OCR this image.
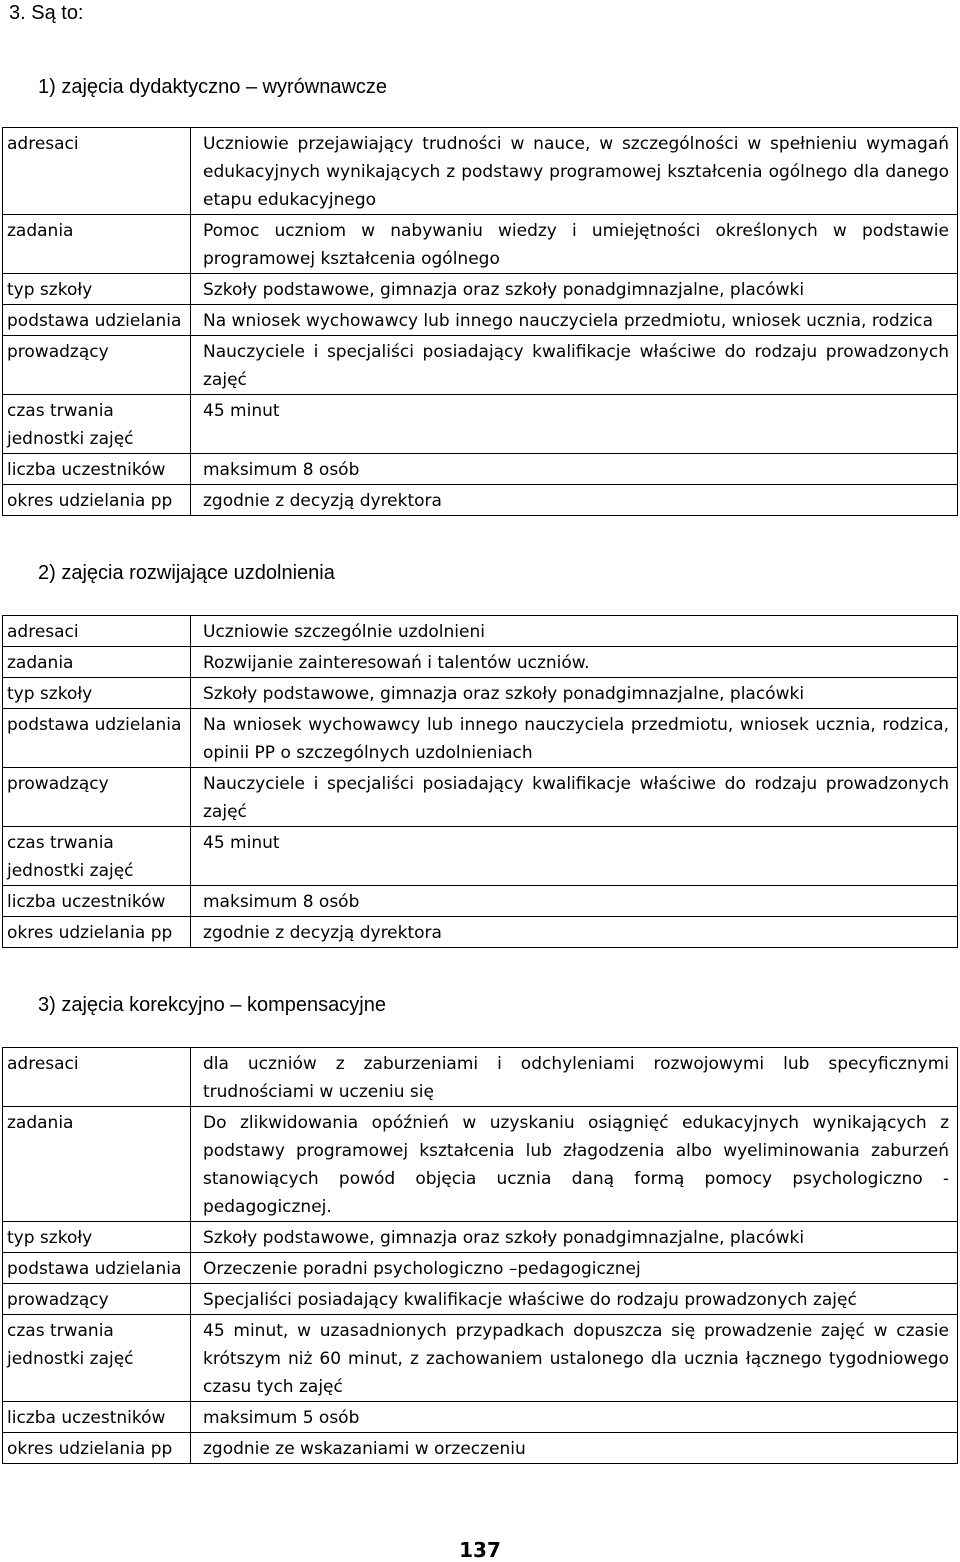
3. Są to:
1) zajęcia dydaktyczno – wyrównawcze
adresaci	Uczniowie przejawiający trudności w nauce, w szczególności w spełnieniu wymagań edukacyjnych wynikających z podstawy programowej kształcenia ogólnego dla danego etapu edukacyjnego
zadania	Pomoc uczniom w nabywaniu wiedzy i umiejętności określonych w podstawie programowej kształcenia ogólnego
typ szkoły	Szkoły podstawowe, gimnazja oraz szkoły ponadgimnazjalne, placówki
podstawa udzielania	Na wniosek wychowawcy lub innego nauczyciela przedmiotu, wniosek ucznia, rodzica
prowadzący	Nauczyciele i specjaliści posiadający kwalifikacje właściwe do rodzaju prowadzonych zajęć
czas trwania jednostki zajęć	45 minut
liczba uczestników	maksimum 8 osób
okres udzielania pp	zgodnie z decyzją dyrektora
2) zajęcia rozwijające uzdolnienia
adresaci	Uczniowie szczególnie uzdolnieni
zadania	Rozwijanie zainteresowań i talentów uczniów.
typ szkoły	Szkoły podstawowe, gimnazja oraz szkoły ponadgimnazjalne, placówki
podstawa udzielania	Na wniosek wychowawcy lub innego nauczyciela przedmiotu, wniosek ucznia, rodzica, opinii PP o szczególnych uzdolnieniach
prowadzący	Nauczyciele i specjaliści posiadający kwalifikacje właściwe do rodzaju prowadzonych zajęć
czas trwania jednostki zajęć	45 minut
liczba uczestników	maksimum 8 osób
okres udzielania pp	zgodnie z decyzją dyrektora
3) zajęcia korekcyjno – kompensacyjne
adresaci	dla uczniów z zaburzeniami i odchyleniami rozwojowymi lub specyficznymi trudnościami w uczeniu się
zadania	Do zlikwidowania opóźnień w uzyskaniu osiągnięć edukacyjnych wynikających z podstawy programowej kształcenia lub złagodzenia albo wyeliminowania zaburzeń stanowiących powód objęcia uczniа daną formą pomocy psychologiczno -pedagogicznej.
typ szkoły	Szkoły podstawowe, gimnazja oraz szkoły ponadgimnazjalne, placówki
podstawa udzielania	Orzeczenie poradni psychologiczno –pedagogicznej
prowadzący	Specjaliści posiadający kwalifikacje właściwe do rodzaju prowadzonych zajęć
czas trwania jednostki zajęć	45 minut, w uzasadnionych przypadkach dopuszcza się prowadzenie zajęć w czasie krótszym niż 60 minut, z zachowaniem ustalonego dla ucznia łącznego tygodniowego czasu tych zajęć
liczba uczestników	maksimum 5 osób
okres udzielania pp	zgodnie ze wskazaniami w orzeczeniu
137
